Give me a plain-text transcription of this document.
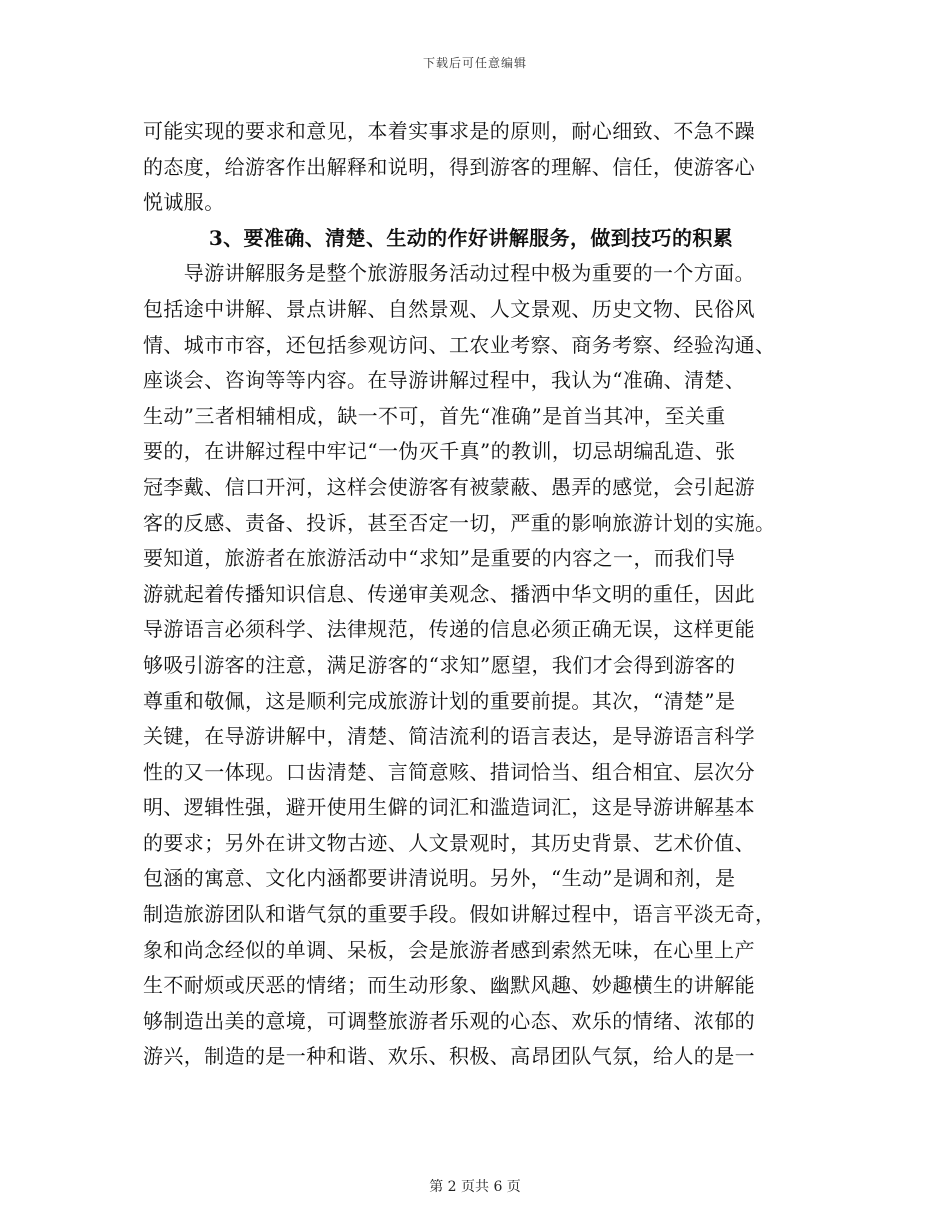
下载后可任意编辑
可能实现的要求和意见，本着实事求是的原则，耐心细致、不急不躁
的态度，给游客作出解释和说明，得到游客的理解、信任，使游客心
悦诚服。
3、要准确、清楚、生动的作好讲解服务，做到技巧的积累
　　导游讲解服务是整个旅游服务活动过程中极为重要的一个方面。
包括途中讲解、景点讲解、自然景观、人文景观、历史文物、民俗风
情、城市市容，还包括参观访问、工农业考察、商务考察、经验沟通、
座谈会、咨询等等内容。在导游讲解过程中，我认为“准确、清楚、
生动”三者相辅相成，缺一不可，首先“准确”是首当其冲，至关重
要的，在讲解过程中牢记“一伪灭千真”的教训，切忌胡编乱造、张
冠李戴、信口开河，这样会使游客有被蒙蔽、愚弄的感觉，会引起游
客的反感、责备、投诉，甚至否定一切，严重的影响旅游计划的实施。
要知道，旅游者在旅游活动中“求知”是重要的内容之一，而我们导
游就起着传播知识信息、传递审美观念、播洒中华文明的重任，因此
导游语言必须科学、法律规范，传递的信息必须正确无误，这样更能
够吸引游客的注意，满足游客的“求知”愿望，我们才会得到游客的
尊重和敬佩，这是顺利完成旅游计划的重要前提。其次，“清楚”是
关键，在导游讲解中，清楚、简洁流利的语言表达，是导游语言科学
性的又一体现。口齿清楚、言简意赅、措词恰当、组合相宜、层次分
明、逻辑性强，避开使用生僻的词汇和滥造词汇，这是导游讲解基本
的要求；另外在讲文物古迹、人文景观时，其历史背景、艺术价值、
包涵的寓意、文化内涵都要讲清说明。另外，“生动”是调和剂，是
制造旅游团队和谐气氛的重要手段。假如讲解过程中，语言平淡无奇，
象和尚念经似的单调、呆板，会是旅游者感到索然无味，在心里上产
生不耐烦或厌恶的情绪；而生动形象、幽默风趣、妙趣横生的讲解能
够制造出美的意境，可调整旅游者乐观的心态、欢乐的情绪、浓郁的
游兴，制造的是一种和谐、欢乐、积极、高昂团队气氛，给人的是一
第 2 页共 6 页
